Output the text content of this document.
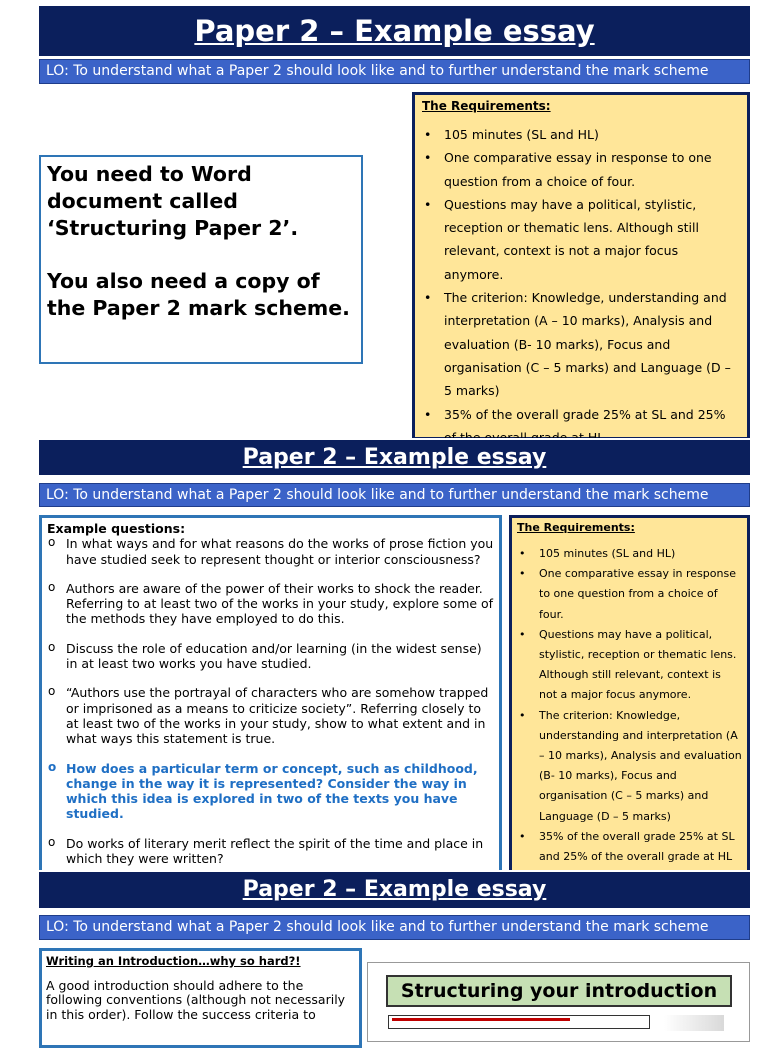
Paper 2 – Example essay
LO: To understand what a Paper 2 should look like and to further understand the mark scheme

You need to Word document called ‘Structuring Paper 2’.

You also need a copy of the Paper 2 mark scheme.

The Requirements:
• 105 minutes (SL and HL)
• One comparative essay in response to one question from a choice of four.
• Questions may have a political, stylistic, reception or thematic lens. Although still relevant, context is not a major focus anymore.
• The criterion: Knowledge, understanding and interpretation (A – 10 marks), Analysis and evaluation (B- 10 marks), Focus and organisation (C – 5 marks) and Language (D – 5 marks)
• 35% of the overall grade 25% at SL and 25%
Paper 2 – Example essay
LO: To understand what a Paper 2 should look like and to further understand the mark scheme
Example questions:
o In what ways and for what reasons do the works of prose fiction you have studied seek to represent thought or interior consciousness?
o Authors are aware of the power of their works to shock the reader. Referring to at least two of the works in your study, explore some of the methods they have employed to do this.
o Discuss the role of education and/or learning (in the widest sense) in at least two works you have studied.
o “Authors use the portrayal of characters who are somehow trapped or imprisoned as a means to criticize society”. Referring closely to at least two of the works in your study, show to what extent and in what ways this statement is true.
o How does a particular term or concept, such as childhood, change in the way it is represented? Consider the way in which this idea is explored in two of the texts you have studied.
o Do works of literary merit reflect the spirit of the time and place in which they were written?
The Requirements:
• 105 minutes (SL and HL)
• One comparative essay in response to one question from a choice of four.
• Questions may have a political, stylistic, reception or thematic lens. Although still relevant, context is not a major focus anymore.
• The criterion: Knowledge, understanding and interpretation (A – 10 marks), Analysis and evaluation (B- 10 marks), Focus and organisation (C – 5 marks) and Language (D – 5 marks)
• 35% of the overall grade 25% at SL and 25% of the overall grade at HL
Paper 2 – Example essay
LO: To understand what a Paper 2 should look like and to further understand the mark scheme
Writing an Introduction…why so hard?!
A good introduction should adhere to the following conventions (although not necessarily in this order). Follow the success criteria to
Structuring your introduction
